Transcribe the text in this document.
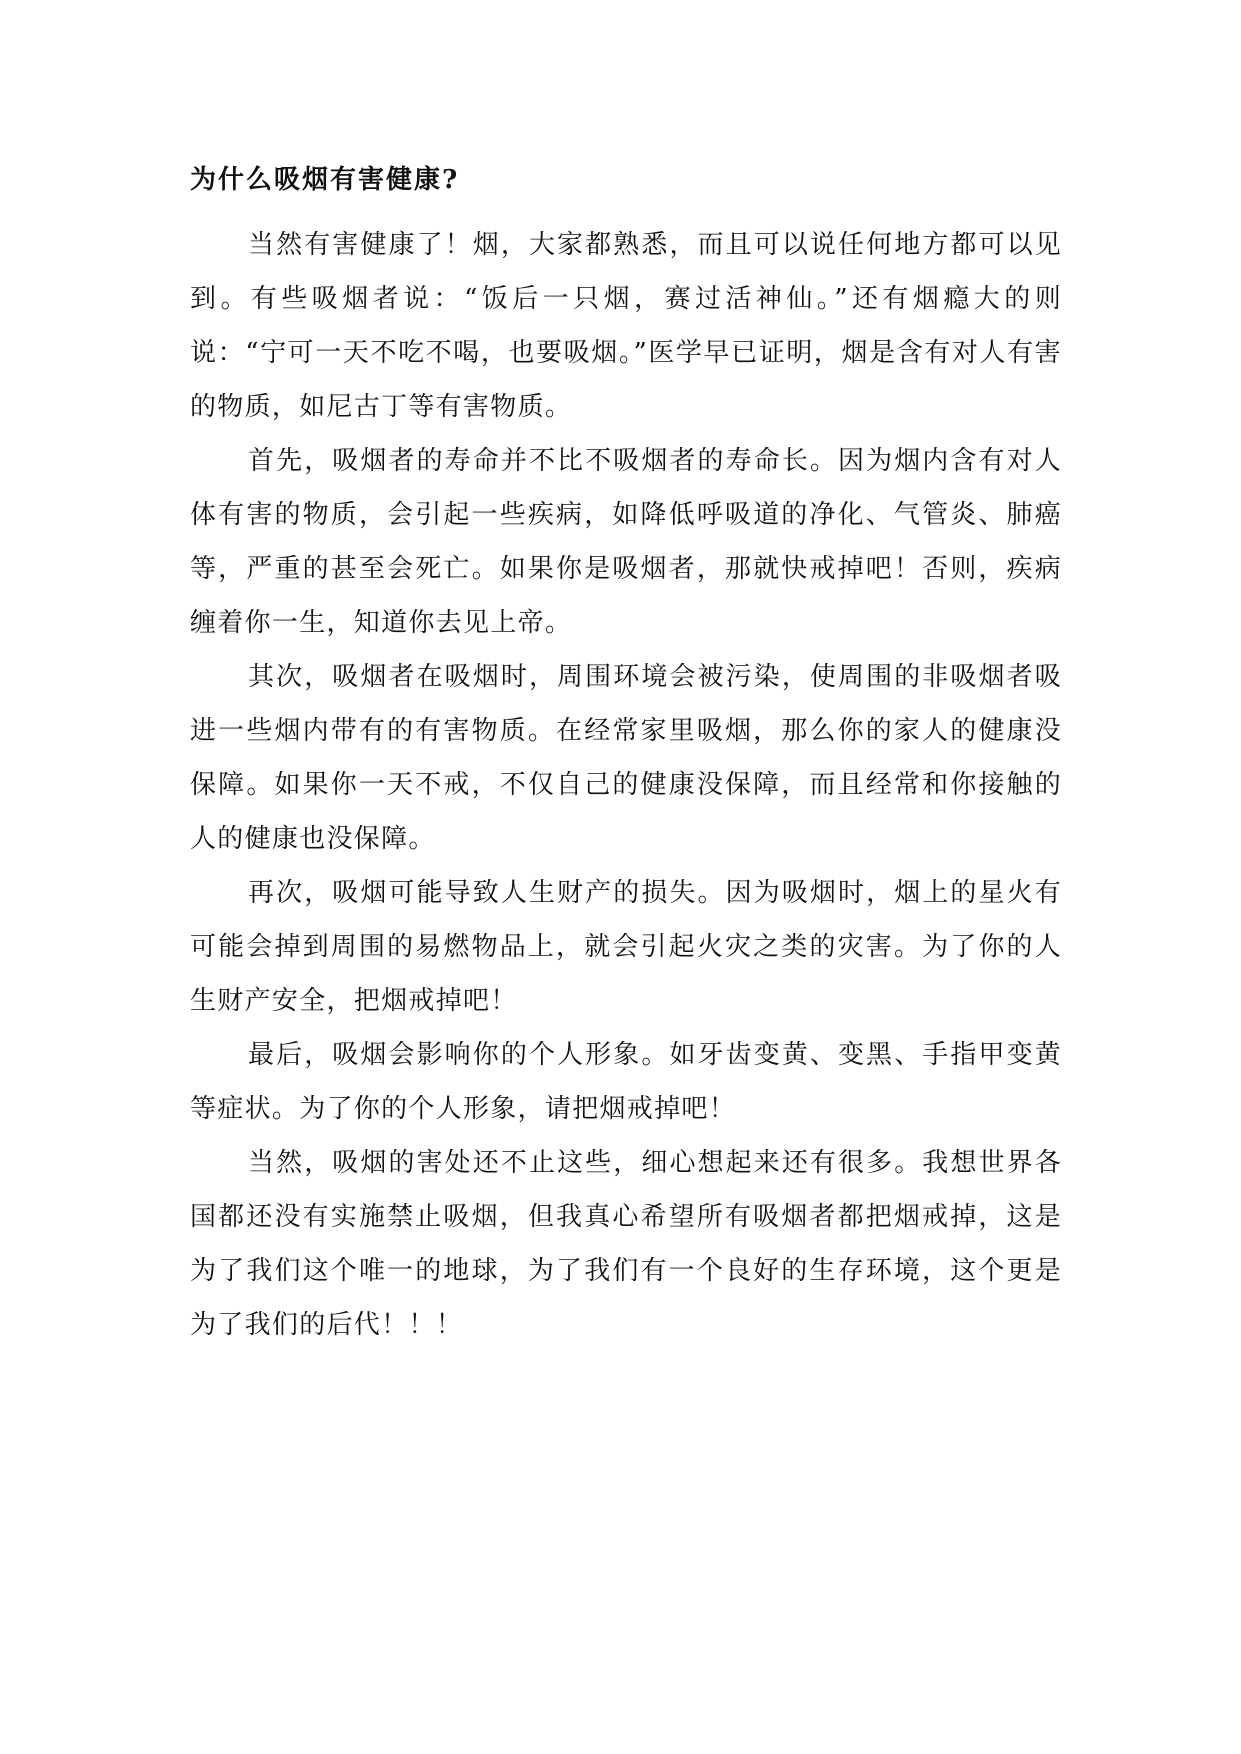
为什么吸烟有害健康?

当然有害健康了！烟，大家都熟悉，而且可以说任何地方都可以见到。有些吸烟者说：“饭后一只烟，赛过活神仙。”还有烟瘾大的则说：“宁可一天不吃不喝，也要吸烟。”医学早已证明，烟是含有对人有害的物质，如尼古丁等有害物质。

首先，吸烟者的寿命并不比不吸烟者的寿命长。因为烟内含有对人体有害的物质，会引起一些疾病，如降低呼吸道的净化、气管炎、肺癌等，严重的甚至会死亡。如果你是吸烟者，那就快戒掉吧！否则，疾病缠着你一生，知道你去见上帝。

其次，吸烟者在吸烟时，周围环境会被污染，使周围的非吸烟者吸进一些烟内带有的有害物质。在经常家里吸烟，那么你的家人的健康没保障。如果你一天不戒，不仅自己的健康没保障，而且经常和你接触的人的健康也没保障。

再次，吸烟可能导致人生财产的损失。因为吸烟时，烟上的星火有可能会掉到周围的易燃物品上，就会引起火灾之类的灾害。为了你的人生财产安全，把烟戒掉吧！

最后，吸烟会影响你的个人形象。如牙齿变黄、变黑、手指甲变黄等症状。为了你的个人形象，请把烟戒掉吧！

当然，吸烟的害处还不止这些，细心想起来还有很多。我想世界各国都还没有实施禁止吸烟，但我真心希望所有吸烟者都把烟戒掉，这是为了我们这个唯一的地球，为了我们有一个良好的生存环境，这个更是为了我们的后代！！！
